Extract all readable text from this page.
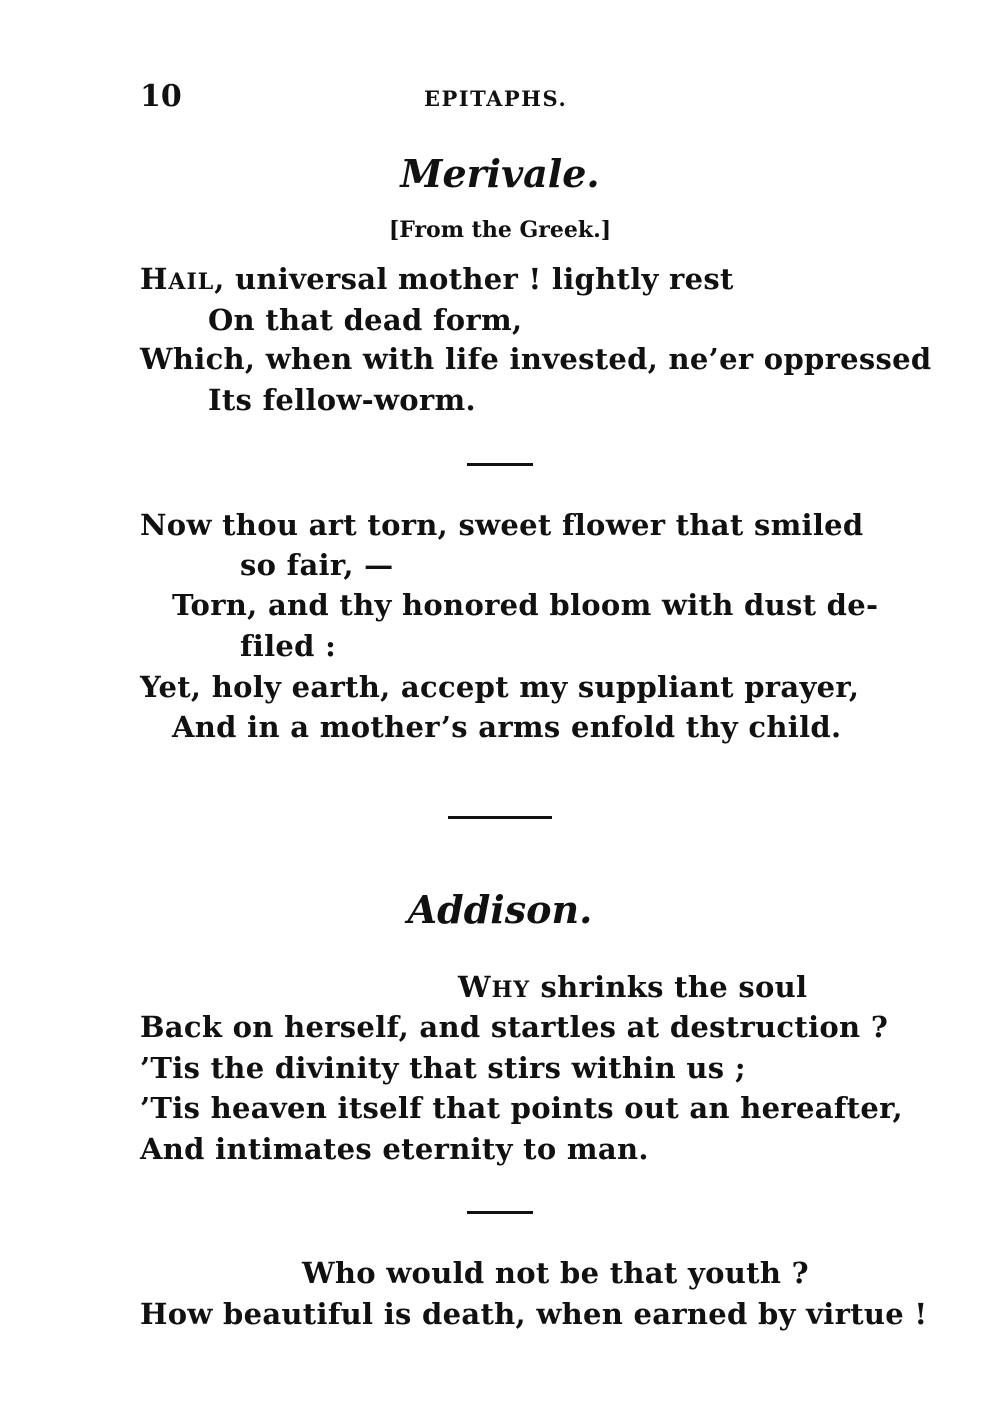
10	EPITAPHS.
Merivale.
[From the Greek.]
HAIL, universal mother ! lightly rest
On that dead form,
Which, when with life invested, ne’er oppressed
Its fellow-worm.
Now thou art torn, sweet flower that smiled
so fair, —
Torn, and thy honored bloom with dust de-
filed :
Yet, holy earth, accept my suppliant prayer,
And in a mother’s arms enfold thy child.
Addison.
WHY shrinks the soul
Back on herself, and startles at destruction ?
’Tis the divinity that stirs within us ;
’Tis heaven itself that points out an hereafter,
And intimates eternity to man.
Who would not be that youth ?
How beautiful is death, when earned by virtue !
